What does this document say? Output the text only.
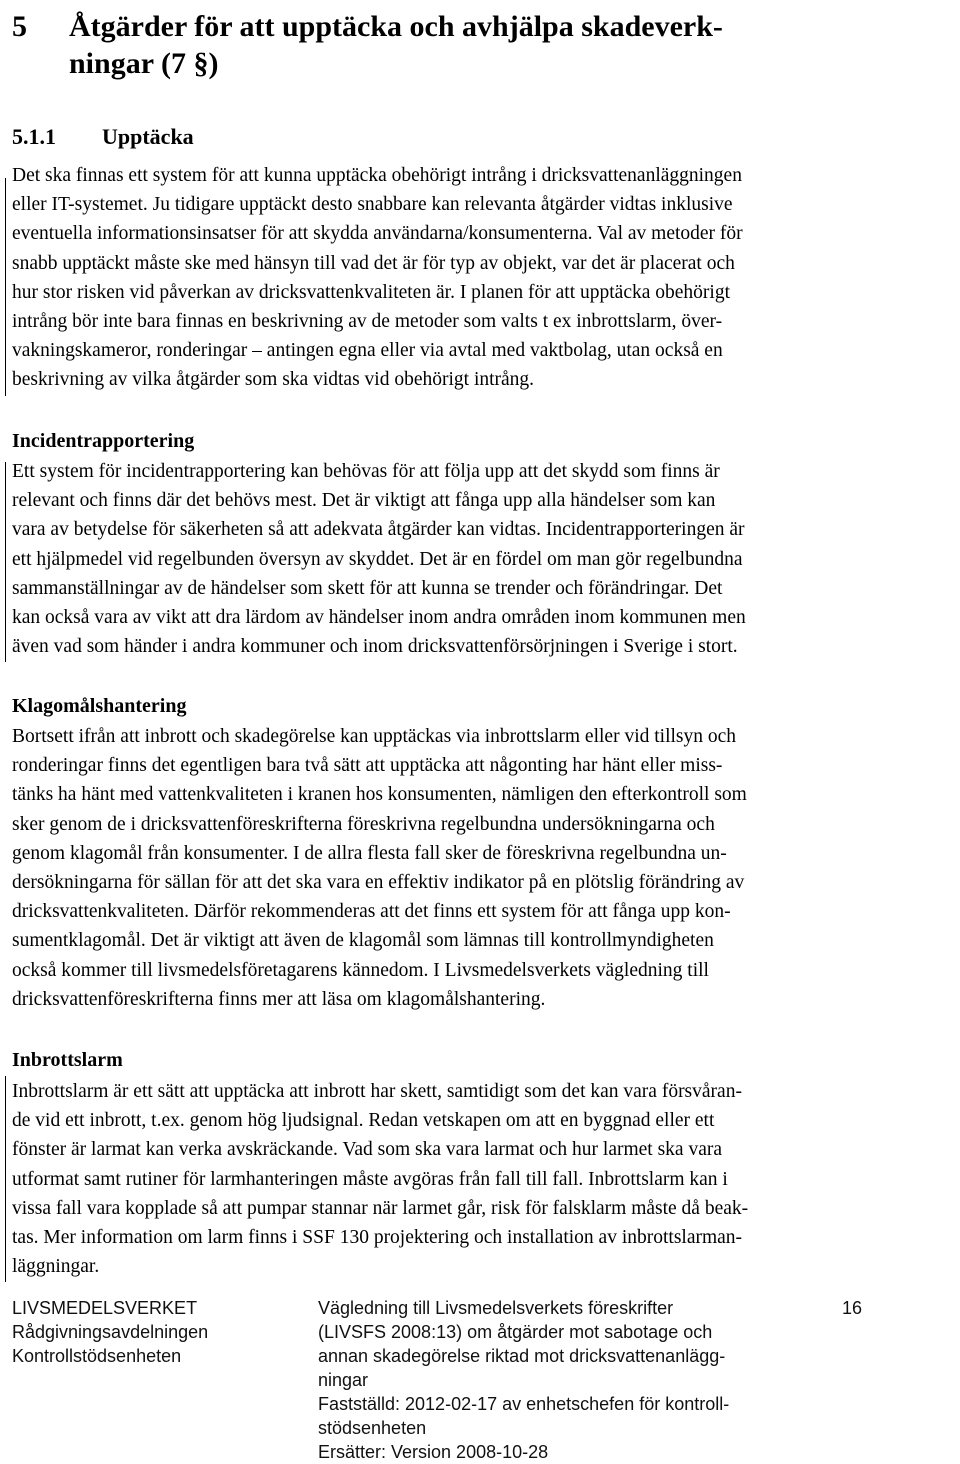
5 Åtgärder för att upptäcka och avhjälpa skadeverk-
ningar (7 §)
5.1.1 Upptäcka

Det ska finnas ett system för att kunna upptäcka obehörigt intrång i dricksvattenanläggningen
eller IT-systemet. Ju tidigare upptäckt desto snabbare kan relevanta åtgärder vidtas inklusive
eventuella informationsinsatser för att skydda användarna/konsumenterna. Val av metoder för
snabb upptäckt måste ske med hänsyn till vad det är för typ av objekt, var det är placerat och
hur stor risken vid påverkan av dricksvattenkvaliteten är. I planen för att upptäcka obehörigt
intrång bör inte bara finnas en beskrivning av de metoder som valts t ex inbrottslarm, över-
vakningskameror, ronderingar – antingen egna eller via avtal med vaktbolag, utan också en
beskrivning av vilka åtgärder som ska vidtas vid obehörigt intrång.

Incidentrapportering

Ett system för incidentrapportering kan behövas för att följa upp att det skydd som finns är
relevant och finns där det behövs mest. Det är viktigt att fånga upp alla händelser som kan
vara av betydelse för säkerheten så att adekvata åtgärder kan vidtas. Incidentrapporteringen är
ett hjälpmedel vid regelbunden översyn av skyddet. Det är en fördel om man gör regelbundna
sammanställningar av de händelser som skett för att kunna se trender och förändringar. Det
kan också vara av vikt att dra lärdom av händelser inom andra områden inom kommunen men
även vad som händer i andra kommuner och inom dricksvattenförsörjningen i Sverige i stort.

Klagomålshantering

Bortsett ifrån att inbrott och skadegörelse kan upptäckas via inbrottslarm eller vid tillsyn och
ronderingar finns det egentligen bara två sätt att upptäcka att någonting har hänt eller miss-
tänks ha hänt med vattenkvaliteten i kranen hos konsumenten, nämligen den efterkontroll som
sker genom de i dricksvattenföreskrifterna föreskrivna regelbundna undersökningarna och
genom klagomål från konsumenter. I de allra flesta fall sker de föreskrivna regelbundna un-
dersökningarna för sällan för att det ska vara en effektiv indikator på en plötslig förändring av
dricksvattenkvaliteten. Därför rekommenderas att det finns ett system för att fånga upp kon-
sumentklagomål. Det är viktigt att även de klagomål som lämnas till kontrollmyndigheten
också kommer till livsmedelsföretagarens kännedom. I Livsmedelsverkets vägledning till
dricksvattenföreskrifterna finns mer att läsa om klagomålshantering.

Inbrottslarm

Inbrottslarm är ett sätt att upptäcka att inbrott har skett, samtidigt som det kan vara försvåran-
de vid ett inbrott, t.ex. genom hög ljudsignal. Redan vetskapen om att en byggnad eller ett
fönster är larmat kan verka avskräckande. Vad som ska vara larmat och hur larmet ska vara
utformat samt rutiner för larmhanteringen måste avgöras från fall till fall. Inbrottslarm kan i
vissa fall vara kopplade så att pumpar stannar när larmet går, risk för falsklarm måste då beak-
tas. Mer information om larm finns i SSF 130 projektering och installation av inbrottslarman-
läggningar.

LIVSMEDELSVERKET
Rådgivningsavdelningen
Kontrollstödsenheten
Vägledning till Livsmedelsverkets föreskrifter
(LIVSFS 2008:13) om åtgärder mot sabotage och
annan skadegörelse riktad mot dricksvattenanlägg-
ningar
Fastställd: 2012-02-17 av enhetschefen för kontroll-
stödsenheten
Ersätter: Version 2008-10-28
16
